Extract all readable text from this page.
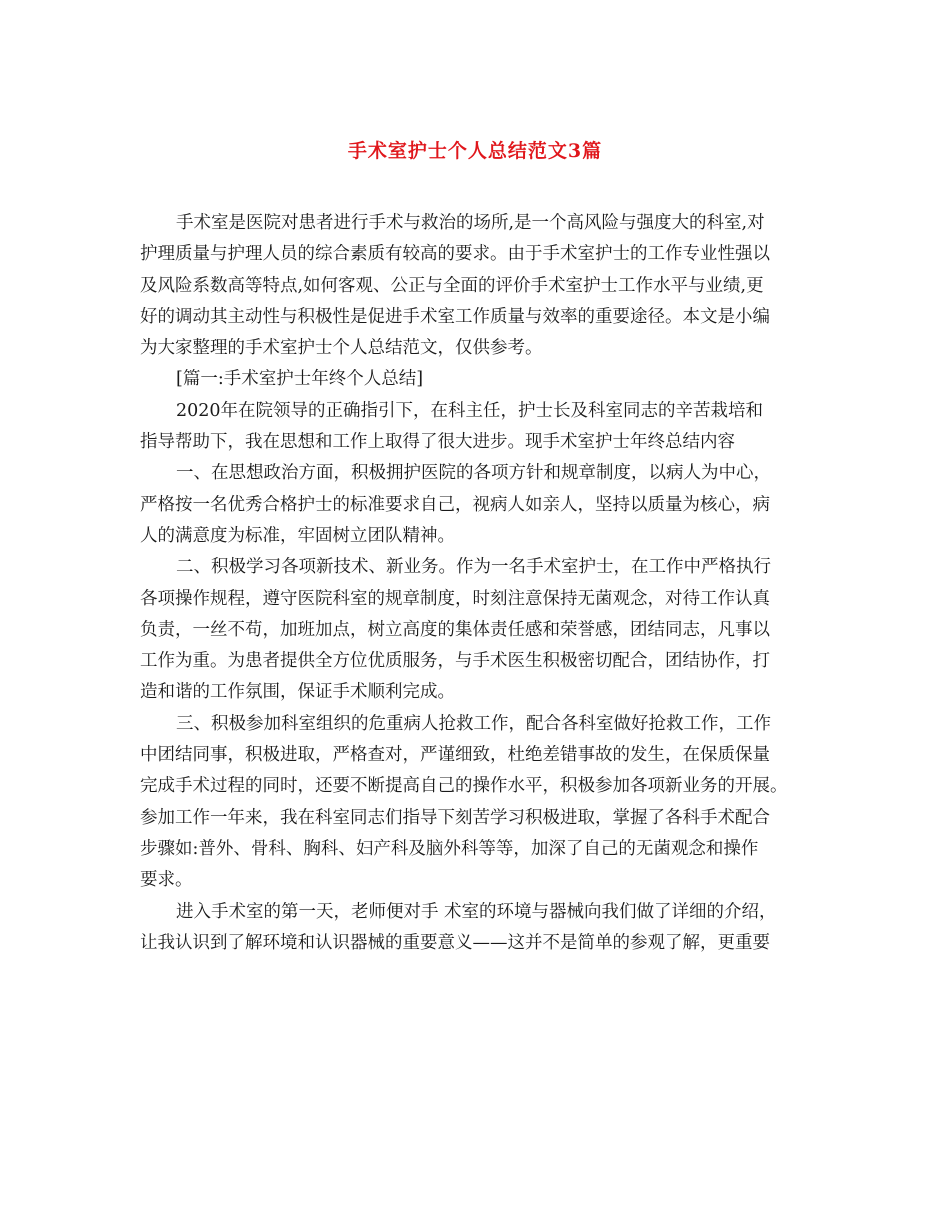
手术室护士个人总结范文3篇
手术室是医院对患者进行手术与救治的场所,是一个高风险与强度大的科室,对
护理质量与护理人员的综合素质有较高的要求。由于手术室护士的工作专业性强以
及风险系数高等特点,如何客观、公正与全面的评价手术室护士工作水平与业绩,更
好的调动其主动性与积极性是促进手术室工作质量与效率的重要途径。本文是小编
为大家整理的手术室护士个人总结范文，仅供参考。
[篇一:手术室护士年终个人总结]
2020年在院领导的正确指引下，在科主任，护士长及科室同志的辛苦栽培和
指导帮助下，我在思想和工作上取得了很大进步。现手术室护士年终总结内容
一、在思想政治方面，积极拥护医院的各项方针和规章制度，以病人为中心，
严格按一名优秀合格护士的标准要求自己，视病人如亲人，坚持以质量为核心，病
人的满意度为标准，牢固树立团队精神。
二、积极学习各项新技术、新业务。作为一名手术室护士，在工作中严格执行
各项操作规程，遵守医院科室的规章制度，时刻注意保持无菌观念，对待工作认真
负责，一丝不苟，加班加点，树立高度的集体责任感和荣誉感，团结同志，凡事以
工作为重。为患者提供全方位优质服务，与手术医生积极密切配合，团结协作，打
造和谐的工作氛围，保证手术顺利完成。
三、积极参加科室组织的危重病人抢救工作，配合各科室做好抢救工作，工作
中团结同事，积极进取，严格查对，严谨细致，杜绝差错事故的发生，在保质保量
完成手术过程的同时，还要不断提高自己的操作水平，积极参加各项新业务的开展。
参加工作一年来，我在科室同志们指导下刻苦学习积极进取，掌握了各科手术配合
步骤如:普外、骨科、胸科、妇产科及脑外科等等，加深了自己的无菌观念和操作
要求。
进入手术室的第一天，老师便对手 术室的环境与器械向我们做了详细的介绍，
让我认识到了解环境和认识器械的重要意义——这并不是简单的参观了解，更重要
